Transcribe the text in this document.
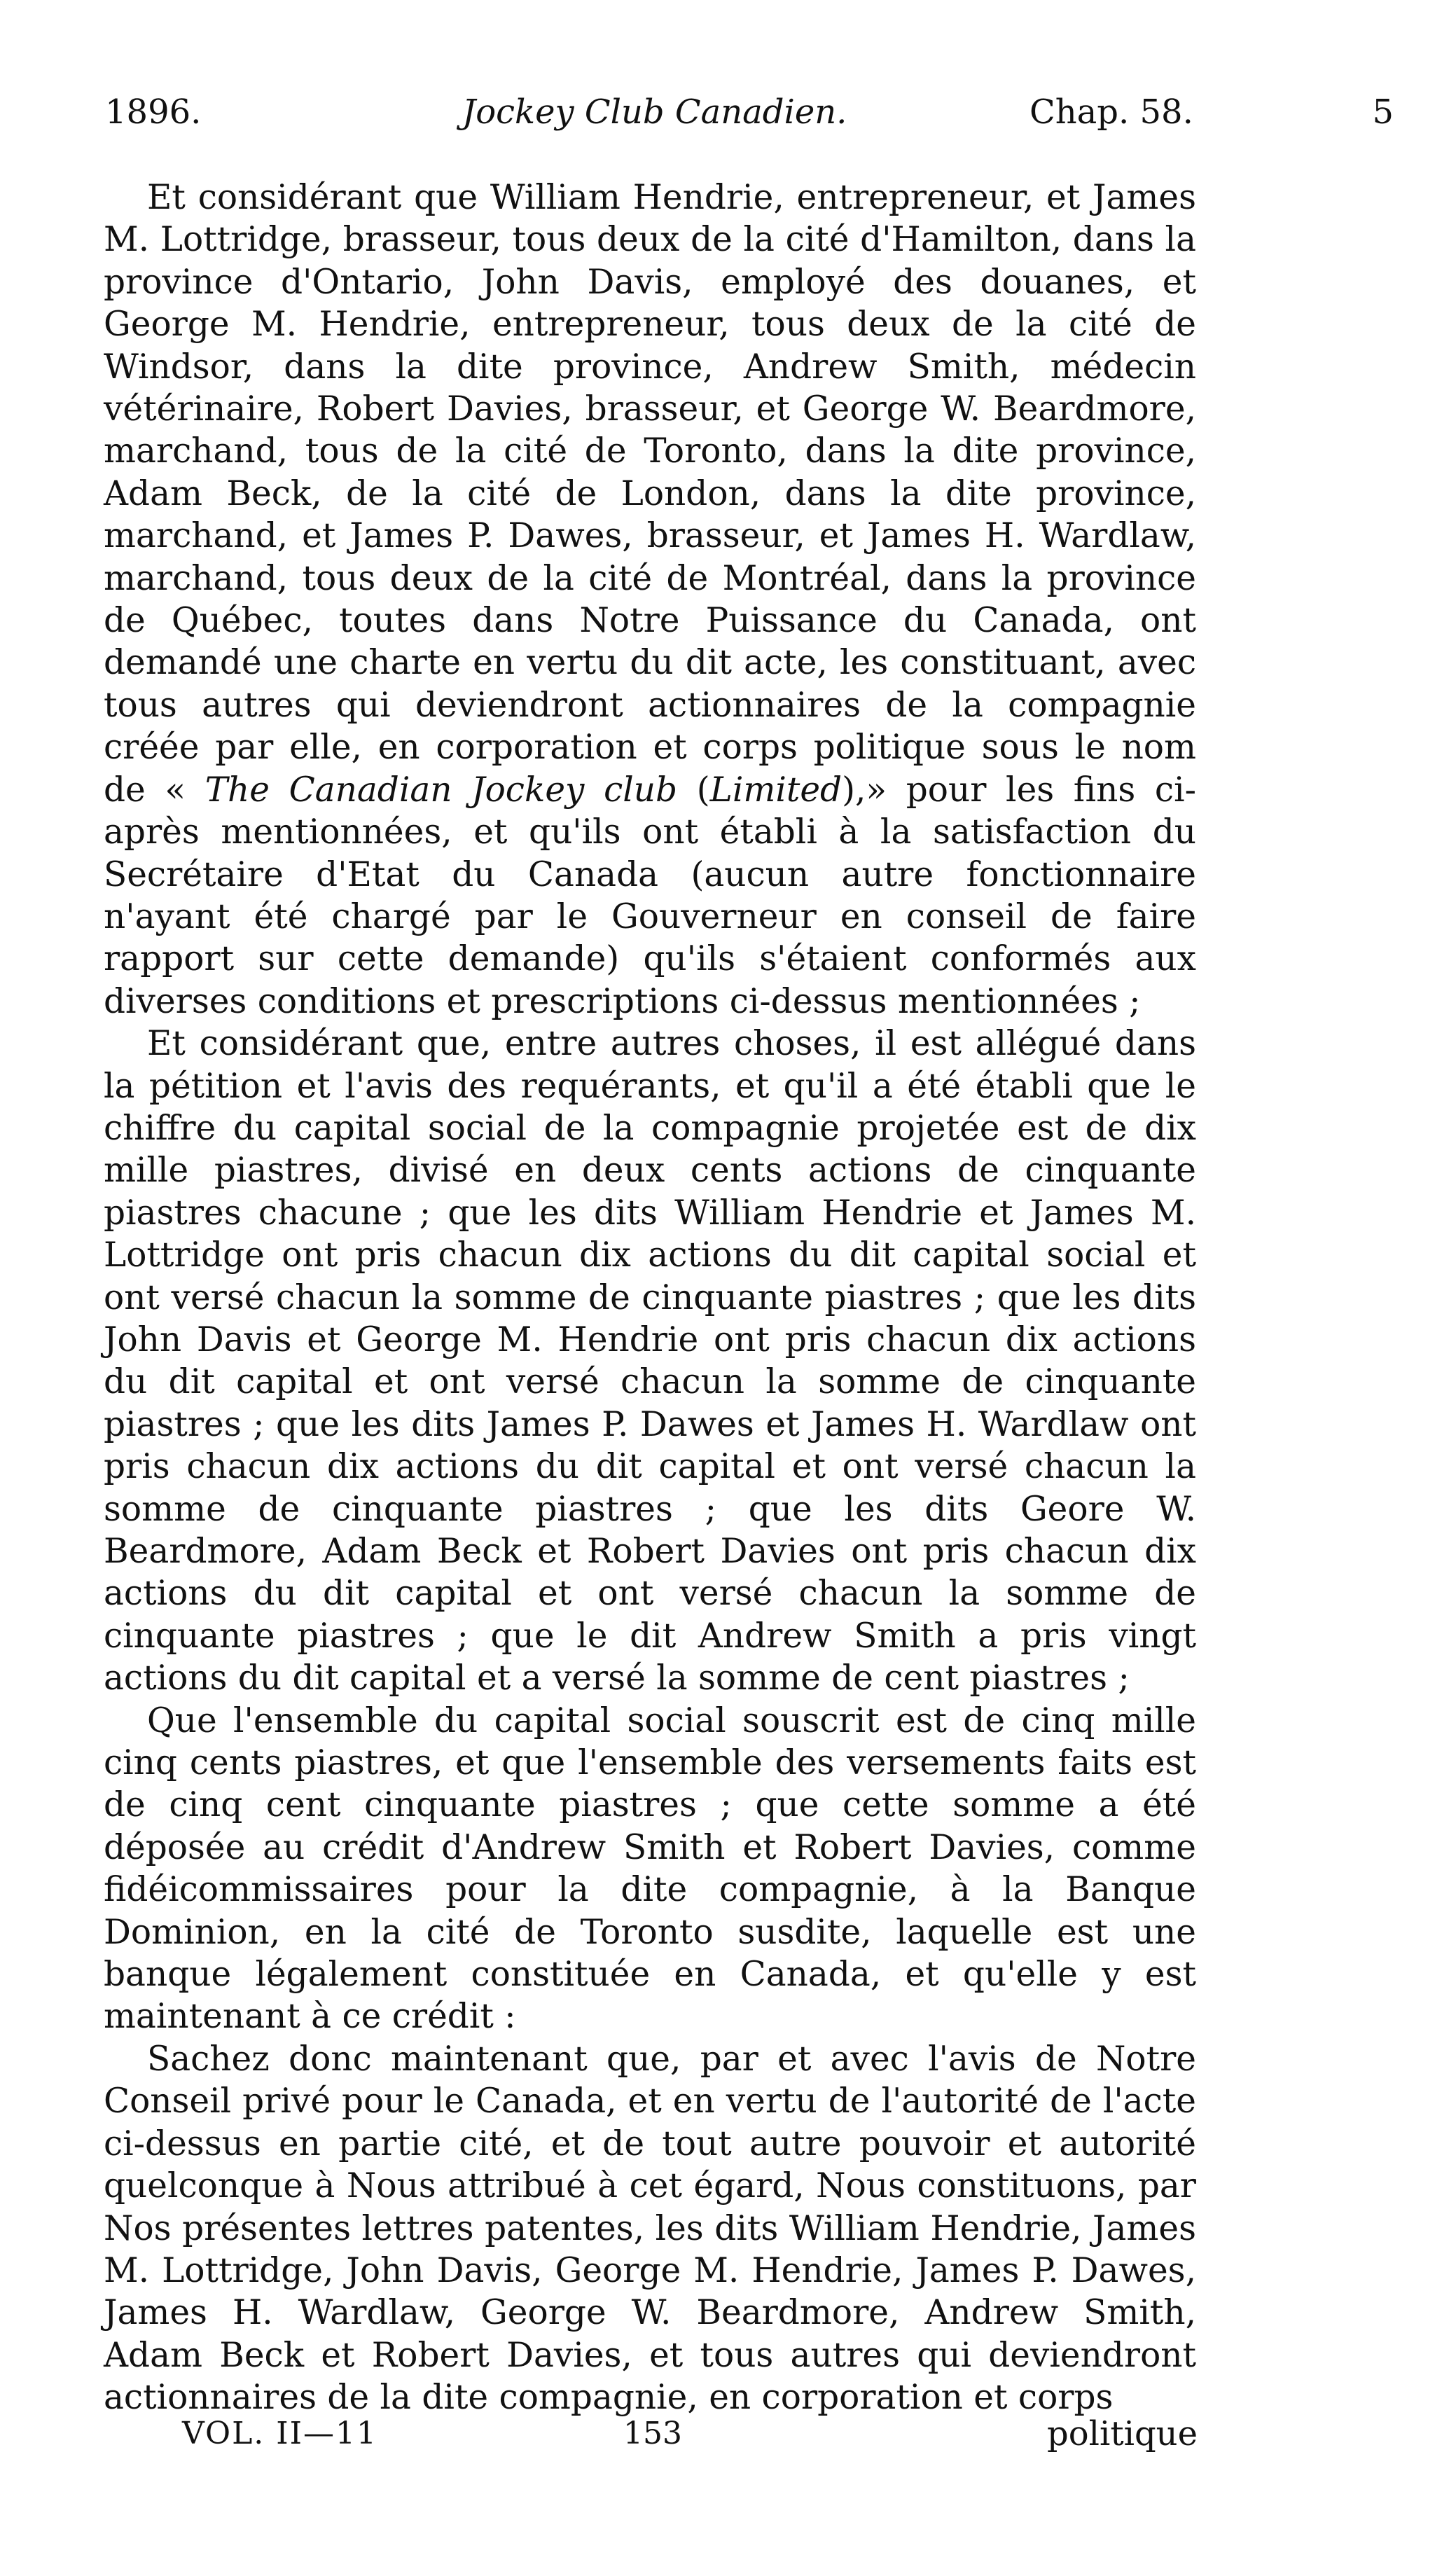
1896.	Jockey Club Canadien.	Chap. 58.	5

Et considérant que William Hendrie, entrepreneur, et James M. Lottridge, brasseur, tous deux de la cité d'Hamilton, dans la province d'Ontario, John Davis, employé des douanes, et George M. Hendrie, entrepreneur, tous deux de la cité de Windsor, dans la dite province, Andrew Smith, médecin vétérinaire, Robert Davies, brasseur, et George W. Beardmore, marchand, tous de la cité de Toronto, dans la dite province, Adam Beck, de la cité de London, dans la dite province, marchand, et James P. Dawes, brasseur, et James H. Wardlaw, marchand, tous deux de la cité de Montréal, dans la province de Québec, toutes dans Notre Puissance du Canada, ont demandé une charte en vertu du dit acte, les constituant, avec tous autres qui deviendront actionnaires de la compagnie créée par elle, en corporation et corps politique sous le nom de « The Canadian Jockey club (Limited),» pour les fins ci-après mentionnées, et qu'ils ont établi à la satisfaction du Secrétaire d'Etat du Canada (aucun autre fonctionnaire n'ayant été chargé par le Gouverneur en conseil de faire rapport sur cette demande) qu'ils s'étaient conformés aux diverses conditions et prescriptions ci-dessus mentionnées ;

Et considérant que, entre autres choses, il est allégué dans la pétition et l'avis des requérants, et qu'il a été établi que le chiffre du capital social de la compagnie projetée est de dix mille piastres, divisé en deux cents actions de cinquante piastres chacune ; que les dits William Hendrie et James M. Lottridge ont pris chacun dix actions du dit capital social et ont versé chacun la somme de cinquante piastres ; que les dits John Davis et George M. Hendrie ont pris chacun dix actions du dit capital et ont versé chacun la somme de cinquante piastres ; que les dits James P. Dawes et James H. Wardlaw ont pris chacun dix actions du dit capital et ont versé chacun la somme de cinquante piastres ; que les dits Geore W. Beardmore, Adam Beck et Robert Davies ont pris chacun dix actions du dit capital et ont versé chacun la somme de cinquante piastres ; que le dit Andrew Smith a pris vingt actions du dit capital et a versé la somme de cent piastres ;

Que l'ensemble du capital social souscrit est de cinq mille cinq cents piastres, et que l'ensemble des versements faits est de cinq cent cinquante piastres ; que cette somme a été déposée au crédit d'Andrew Smith et Robert Davies, comme fidéicommissaires pour la dite compagnie, à la Banque Dominion, en la cité de Toronto susdite, laquelle est une banque légalement constituée en Canada, et qu'elle y est maintenant à ce crédit :

Sachez donc maintenant que, par et avec l'avis de Notre Conseil privé pour le Canada, et en vertu de l'autorité de l'acte ci-dessus en partie cité, et de tout autre pouvoir et autorité quelconque à Nous attribué à cet égard, Nous constituons, par Nos présentes lettres patentes, les dits William Hendrie, James M. Lottridge, John Davis, George M. Hendrie, James P. Dawes, James H. Wardlaw, George W. Beardmore, Andrew Smith, Adam Beck et Robert Davies, et tous autres qui deviendront actionnaires de la dite compagnie, en corporation et corps

VOL. II—11	153	politique
